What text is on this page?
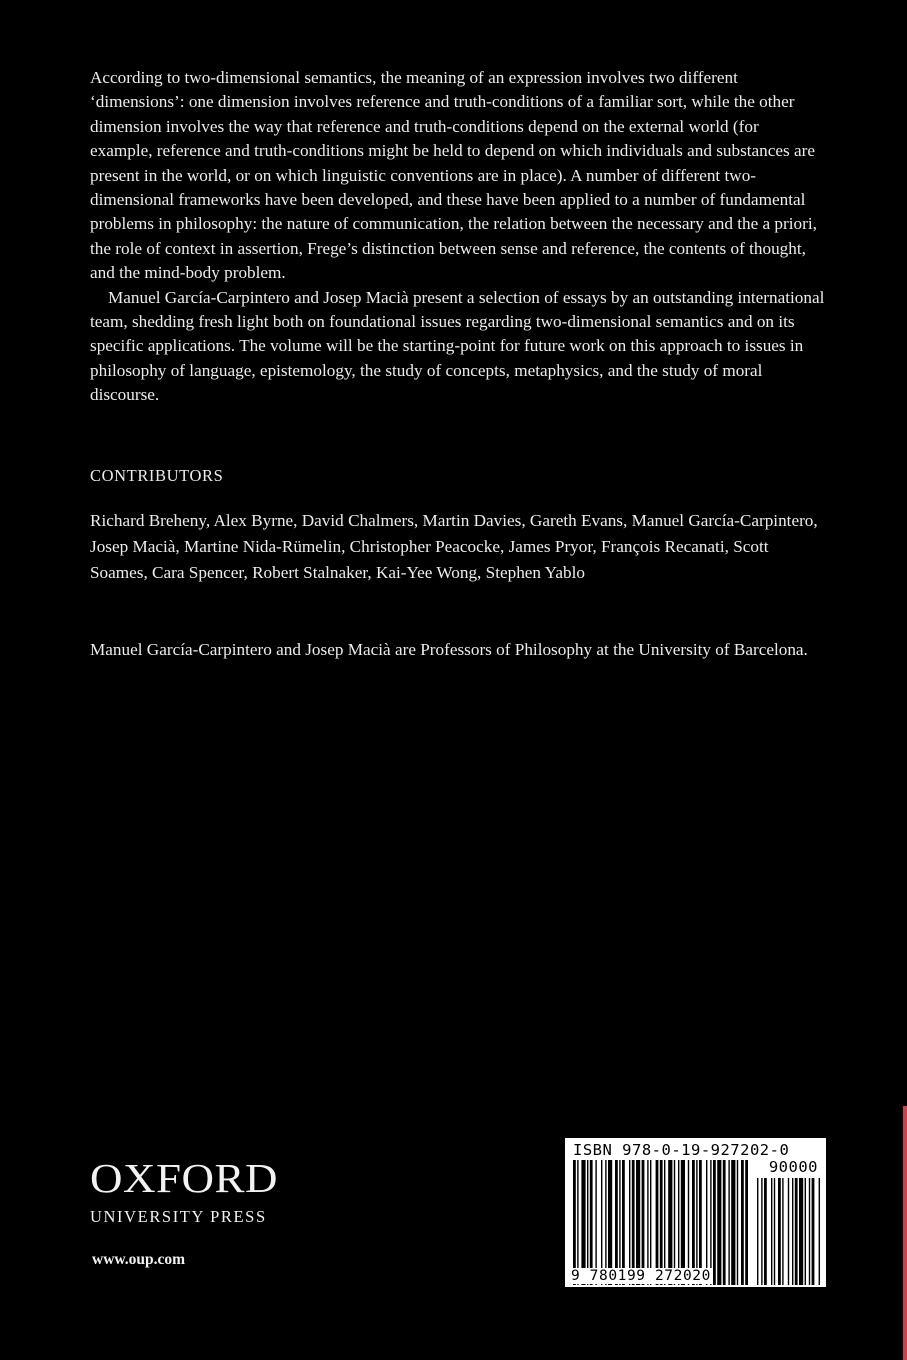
According to two-dimensional semantics, the meaning of an expression involves two different ‘dimensions’: one dimension involves reference and truth-conditions of a familiar sort, while the other dimension involves the way that reference and truth-conditions depend on the external world (for example, reference and truth-conditions might be held to depend on which individuals and substances are present in the world, or on which linguistic conventions are in place). A number of different two-dimensional frameworks have been developed, and these have been applied to a number of fundamental problems in philosophy: the nature of communication, the relation between the necessary and the a priori, the role of context in assertion, Frege’s distinction between sense and reference, the contents of thought, and the mind-body problem.

Manuel García-Carpintero and Josep Macià present a selection of essays by an outstanding international team, shedding fresh light both on foundational issues regarding two-dimensional semantics and on its specific applications. The volume will be the starting-point for future work on this approach to issues in philosophy of language, epistemology, the study of concepts, metaphysics, and the study of moral discourse.

CONTRIBUTORS
Richard Breheny, Alex Byrne, David Chalmers, Martin Davies, Gareth Evans, Manuel García-Carpintero, Josep Macià, Martine Nida-Rümelin, Christopher Peacocke, James Pryor, François Recanati, Scott Soames, Cara Spencer, Robert Stalnaker, Kai-Yee Wong, Stephen Yablo
Manuel García-Carpintero and Josep Macià are Professors of Philosophy at the University of Barcelona.
OXFORD
UNIVERSITY PRESS
www.oup.com
ISBN 978-0-19-927202-0
90000
9 780199 272020
